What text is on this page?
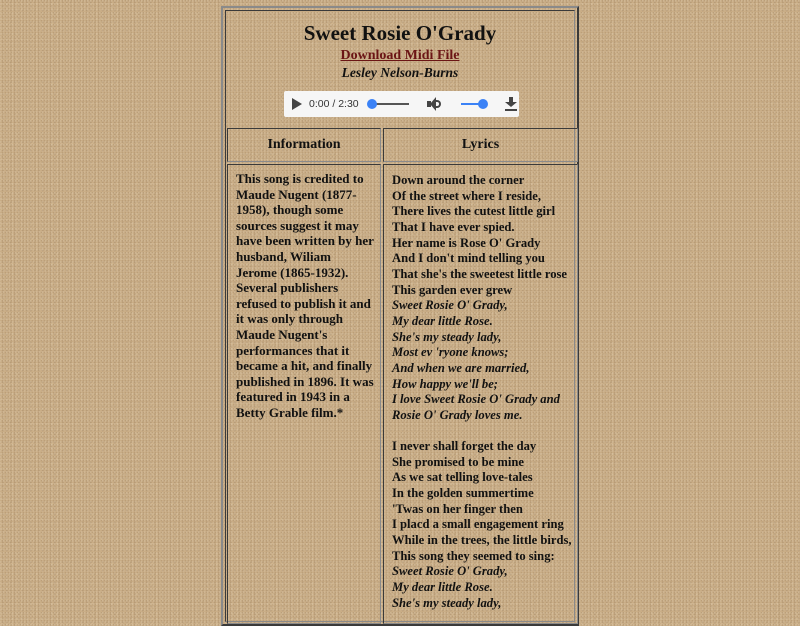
Sweet Rosie O'Grady
Download Midi File
Lesley Nelson-Burns
0:00 / 2:30
Information	Lyrics

This song is credited to Maude Nugent (1877-1958), though some sources suggest it may have been written by her husband, Wiliam Jerome (1865-1932). Several publishers refused to publish it and it was only through Maude Nugent's performances that it became a hit, and finally published in 1896. It was featured in 1943 in a Betty Grable film.*

Down around the corner
Of the street where I reside,
There lives the cutest little girl
That I have ever spied.
Her name is Rose O' Grady
And I don't mind telling you
That she's the sweetest little rose
This garden ever grew
Sweet Rosie O' Grady,
My dear little Rose.
She's my steady lady,
Most ev 'ryone knows;
And when we are married,
How happy we'll be;
I love Sweet Rosie O' Grady and
Rosie O' Grady loves me.
I never shall forget the day
She promised to be mine
As we sat telling love-tales
In the golden summertime
'Twas on her finger then
I placd a small engagement ring
While in the trees, the little birds,
This song they seemed to sing:
Sweet Rosie O' Grady,
My dear little Rose.
She's my steady lady,
